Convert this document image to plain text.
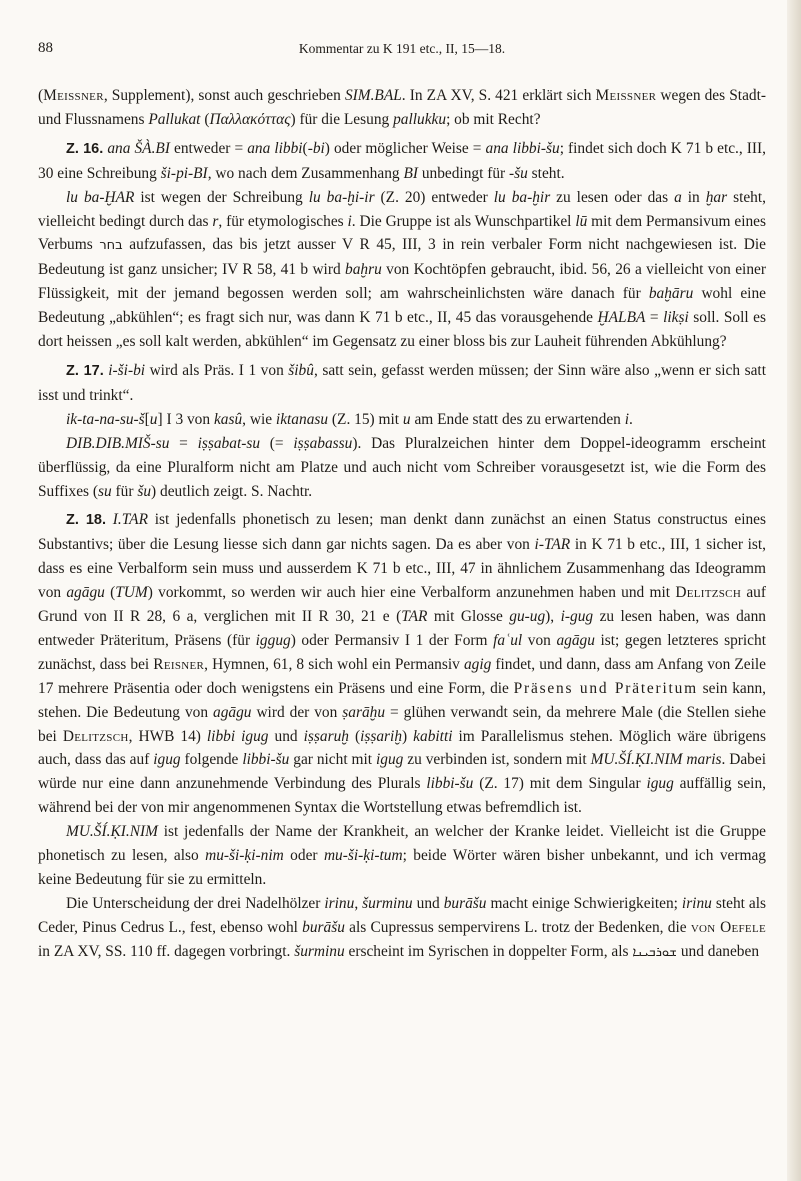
88	Kommentar zu K 191 etc., II, 15—18.

(Meissner, Supplement), sonst auch geschrieben SIM.BAL. In ZA XV, S. 421 erklärt sich Meissner wegen des Stadt- und Flussnamens Pallukat (Παλλακόττας) für die Lesung pallukku; ob mit Recht?

Z. 16. ana ŠÀ.BI entweder = ana libbi(-bi) oder möglicher Weise = ana libbi-šu; findet sich doch K 71 b etc., III, 30 eine Schreibung ši-pi-BI, wo nach dem Zusammenhang BI unbedingt für -šu steht.

lu ba-ḪAR ist wegen der Schreibung lu ba-ḫi-ir (Z. 20) entweder lu ba-ḫir zu lesen oder das a in ḫar steht, vielleicht bedingt durch das r, für etymologisches i. Die Gruppe ist als Wunschpartikel lū mit dem Permansivum eines Verbums בחר aufzufassen, das bis jetzt ausser V R 45, III, 3 in rein verbaler Form nicht nachgewiesen ist. Die Bedeutung ist ganz unsicher; IV R 58, 41 b wird baḫru von Kochtöpfen gebraucht, ibid. 56, 26 a vielleicht von einer Flüssigkeit, mit der jemand begossen werden soll; am wahrscheinlichsten wäre danach für baḫāru wohl eine Bedeutung „abkühlen“; es fragt sich nur, was dann K 71 b etc., II, 45 das vorausgehende ḪALBA = likṣi soll. Soll es dort heissen „es soll kalt werden, abkühlen“ im Gegensatz zu einer bloss bis zur Lauheit führenden Abkühlung?

Z. 17. i-ši-bi wird als Präs. I 1 von šibû, satt sein, gefasst werden müssen; der Sinn wäre also „wenn er sich satt isst und trinkt“.

ik-ta-na-su-š[u] I 3 von kasû, wie iktanasu (Z. 15) mit u am Ende statt des zu erwartenden i.

DIB.DIB.MIŠ-su = iṣṣabat-su (= iṣṣabassu). Das Pluralzeichen hinter dem Doppel-ideogramm erscheint überflüssig, da eine Pluralform nicht am Platze und auch nicht vom Schreiber vorausgesetzt ist, wie die Form des Suffixes (su für šu) deutlich zeigt. S. Nachtr.

Z. 18. I.TAR ist jedenfalls phonetisch zu lesen; man denkt dann zunächst an einen Status constructus eines Substantivs; über die Lesung liesse sich dann gar nichts sagen. Da es aber von i-TAR in K 71 b etc., III, 1 sicher ist, dass es eine Verbalform sein muss und ausserdem K 71 b etc., III, 47 in ähnlichem Zusammenhang das Ideogramm von agāgu (TUM) vorkommt, so werden wir auch hier eine Verbalform anzunehmen haben und mit Delitzsch auf Grund von II R 28, 6 a, verglichen mit II R 30, 21 e (TAR mit Glosse gu-ug), i-gug zu lesen haben, was dann entweder Präteritum, Präsens (für iggug) oder Permansiv I 1 der Form faʿul von agāgu ist; gegen letzteres spricht zunächst, dass bei Reisner, Hymnen, 61, 8 sich wohl ein Permansiv agig findet, und dann, dass am Anfang von Zeile 17 mehrere Präsentia oder doch wenigstens ein Präsens und eine Form, die Präsens und Präteritum sein kann, stehen. Die Bedeutung von agāgu wird der von ṣarāḫu = glühen verwandt sein, da mehrere Male (die Stellen siehe bei Delitzsch, HWB 14) libbi igug und iṣṣaruḫ (iṣṣariḫ) kabitti im Parallelismus stehen. Möglich wäre übrigens auch, dass das auf igug folgende libbi-šu gar nicht mit igug zu verbinden ist, sondern mit MU.ŠÍ.ḲI.NIM maris. Dabei würde nur eine dann anzunehmende Verbindung des Plurals libbi-šu (Z. 17) mit dem Singular igug auffällig sein, während bei der von mir angenommenen Syntax die Wortstellung etwas befremdlich ist.

MU.ŠÍ.ḲI.NIM ist jedenfalls der Name der Krankheit, an welcher der Kranke leidet. Vielleicht ist die Gruppe phonetisch zu lesen, also mu-ši-ḳi-nim oder mu-ši-ḳi-tum; beide Wörter wären bisher unbekannt, und ich vermag keine Bedeutung für sie zu ermitteln.

Die Unterscheidung der drei Nadelhölzer irinu, šurminu und burāšu macht einige Schwierigkeiten; irinu steht als Ceder, Pinus Cedrus L., fest, ebenso wohl burāšu als Cupressus sempervirens L. trotz der Bedenken, die von Oefele in ZA XV, SS. 110 ff. dagegen vorbringt. šurminu erscheint im Syrischen in doppelter Form, als ܫܘܪܒܝܢܐ und daneben
